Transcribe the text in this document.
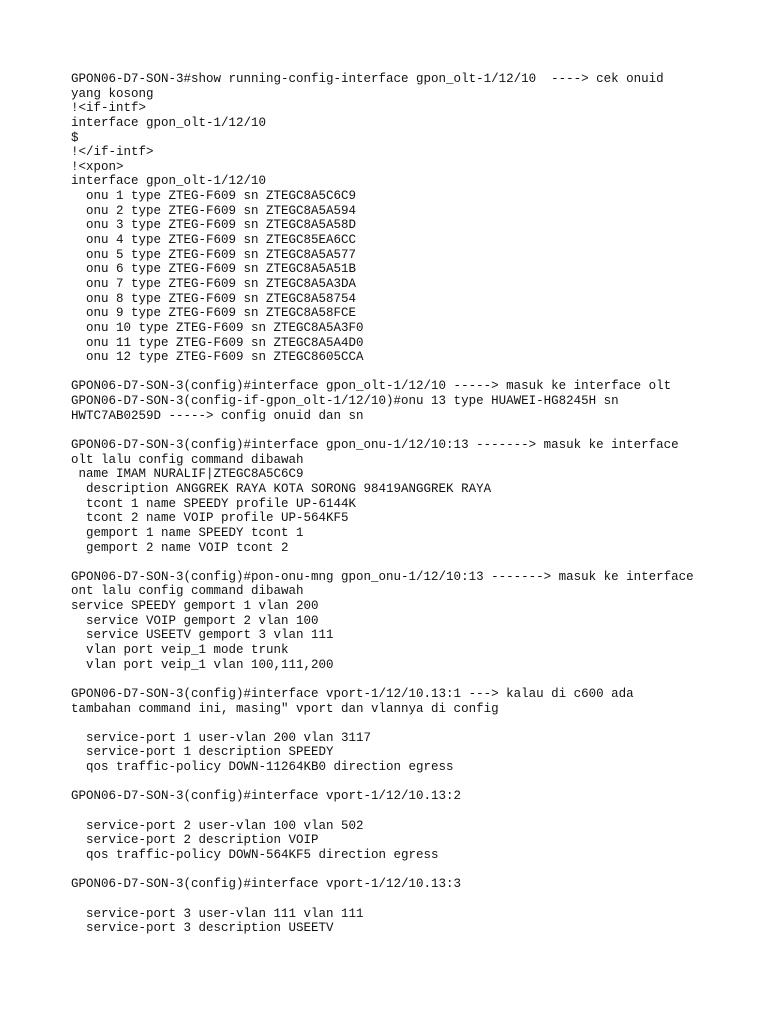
GPON06-D7-SON-3#show running-config-interface gpon_olt-1/12/10  ----> cek onuid
yang kosong
!<if-intf>
interface gpon_olt-1/12/10
$
!</if-intf>
!<xpon>
interface gpon_olt-1/12/10
onu 1 type ZTEG-F609 sn ZTEGC8A5C6C9
onu 2 type ZTEG-F609 sn ZTEGC8A5A594
onu 3 type ZTEG-F609 sn ZTEGC8A5A58D
onu 4 type ZTEG-F609 sn ZTEGC85EA6CC
onu 5 type ZTEG-F609 sn ZTEGC8A5A577
onu 6 type ZTEG-F609 sn ZTEGC8A5A51B
onu 7 type ZTEG-F609 sn ZTEGC8A5A3DA
onu 8 type ZTEG-F609 sn ZTEGC8A58754
onu 9 type ZTEG-F609 sn ZTEGC8A58FCE
onu 10 type ZTEG-F609 sn ZTEGC8A5A3F0
onu 11 type ZTEG-F609 sn ZTEGC8A5A4D0
onu 12 type ZTEG-F609 sn ZTEGC8605CCA
GPON06-D7-SON-3(config)#interface gpon_olt-1/12/10 -----> masuk ke interface olt
GPON06-D7-SON-3(config-if-gpon_olt-1/12/10)#onu 13 type HUAWEI-HG8245H sn
HWTC7AB0259D -----> config onuid dan sn
GPON06-D7-SON-3(config)#interface gpon_onu-1/12/10:13 -------> masuk ke interface
olt lalu config command dibawah
name IMAM NURALIF|ZTEGC8A5C6C9
description ANGGREK RAYA KOTA SORONG 98419ANGGREK RAYA
tcont 1 name SPEEDY profile UP-6144K
tcont 2 name VOIP profile UP-564KF5
gemport 1 name SPEEDY tcont 1
gemport 2 name VOIP tcont 2
GPON06-D7-SON-3(config)#pon-onu-mng gpon_onu-1/12/10:13 -------> masuk ke interface
ont lalu config command dibawah
service SPEEDY gemport 1 vlan 200
service VOIP gemport 2 vlan 100
service USEETV gemport 3 vlan 111
vlan port veip_1 mode trunk
vlan port veip_1 vlan 100,111,200
GPON06-D7-SON-3(config)#interface vport-1/12/10.13:1 ---> kalau di c600 ada
tambahan command ini, masing" vport dan vlannya di config
service-port 1 user-vlan 200 vlan 3117
service-port 1 description SPEEDY
qos traffic-policy DOWN-11264KB0 direction egress
GPON06-D7-SON-3(config)#interface vport-1/12/10.13:2
service-port 2 user-vlan 100 vlan 502
service-port 2 description VOIP
qos traffic-policy DOWN-564KF5 direction egress
GPON06-D7-SON-3(config)#interface vport-1/12/10.13:3
service-port 3 user-vlan 111 vlan 111
service-port 3 description USEETV
